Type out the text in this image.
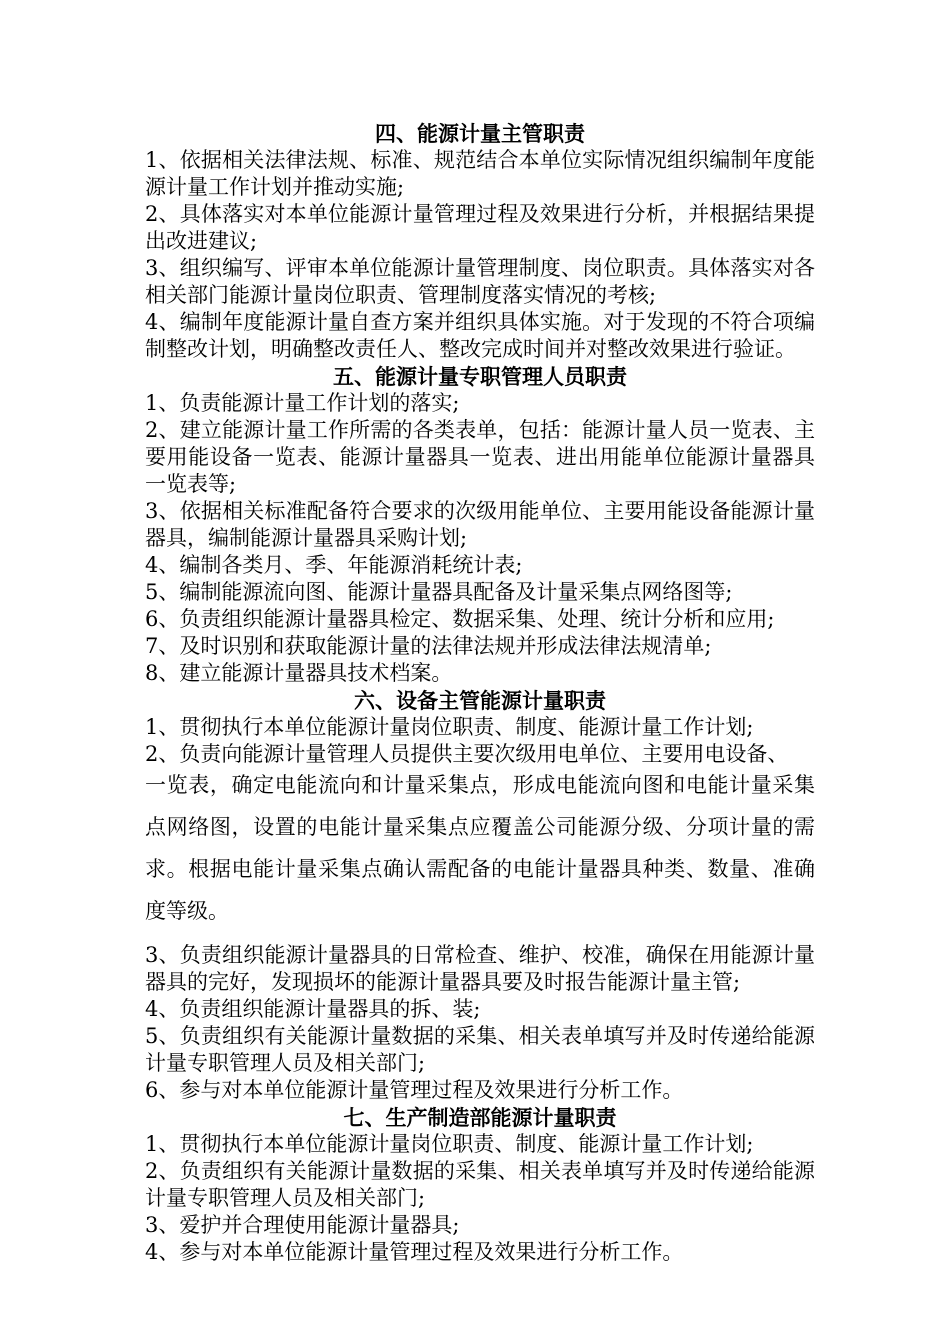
四、能源计量主管职责

1、依据相关法律法规、标准、规范结合本单位实际情况组织编制年度能源计量工作计划并推动实施;

2、具体落实对本单位能源计量管理过程及效果进行分析，并根据结果提出改进建议;

3、组织编写、评审本单位能源计量管理制度、岗位职责。具体落实对各相关部门能源计量岗位职责、管理制度落实情况的考核;

4、编制年度能源计量自查方案并组织具体实施。对于发现的不符合项编制整改计划，明确整改责任人、整改完成时间并对整改效果进行验证。

五、能源计量专职管理人员职责

1、负责能源计量工作计划的落实;

2、建立能源计量工作所需的各类表单，包括：能源计量人员一览表、主要用能设备一览表、能源计量器具一览表、进出用能单位能源计量器具一览表等;

3、依据相关标准配备符合要求的次级用能单位、主要用能设备能源计量器具，编制能源计量器具采购计划;

4、编制各类月、季、年能源消耗统计表;

5、编制能源流向图、能源计量器具配备及计量采集点网络图等;

6、负责组织能源计量器具检定、数据采集、处理、统计分析和应用;

7、及时识别和获取能源计量的法律法规并形成法律法规清单;

8、建立能源计量器具技术档案。

六、设备主管能源计量职责

1、贯彻执行本单位能源计量岗位职责、制度、能源计量工作计划;

2、负责向能源计量管理人员提供主要次级用电单位、主要用电设备、

一览表，确定电能流向和计量采集点，形成电能流向图和电能计量采集点网络图，设置的电能计量采集点应覆盖公司能源分级、分项计量的需求。根据电能计量采集点确认需配备的电能计量器具种类、数量、准确度等级。

3、负责组织能源计量器具的日常检查、维护、校准，确保在用能源计量器具的完好，发现损坏的能源计量器具要及时报告能源计量主管;

4、负责组织能源计量器具的拆、装;

5、负责组织有关能源计量数据的采集、相关表单填写并及时传递给能源计量专职管理人员及相关部门;

6、参与对本单位能源计量管理过程及效果进行分析工作。

七、生产制造部能源计量职责

1、贯彻执行本单位能源计量岗位职责、制度、能源计量工作计划;

2、负责组织有关能源计量数据的采集、相关表单填写并及时传递给能源计量专职管理人员及相关部门;

3、爱护并合理使用能源计量器具;

4、参与对本单位能源计量管理过程及效果进行分析工作。
